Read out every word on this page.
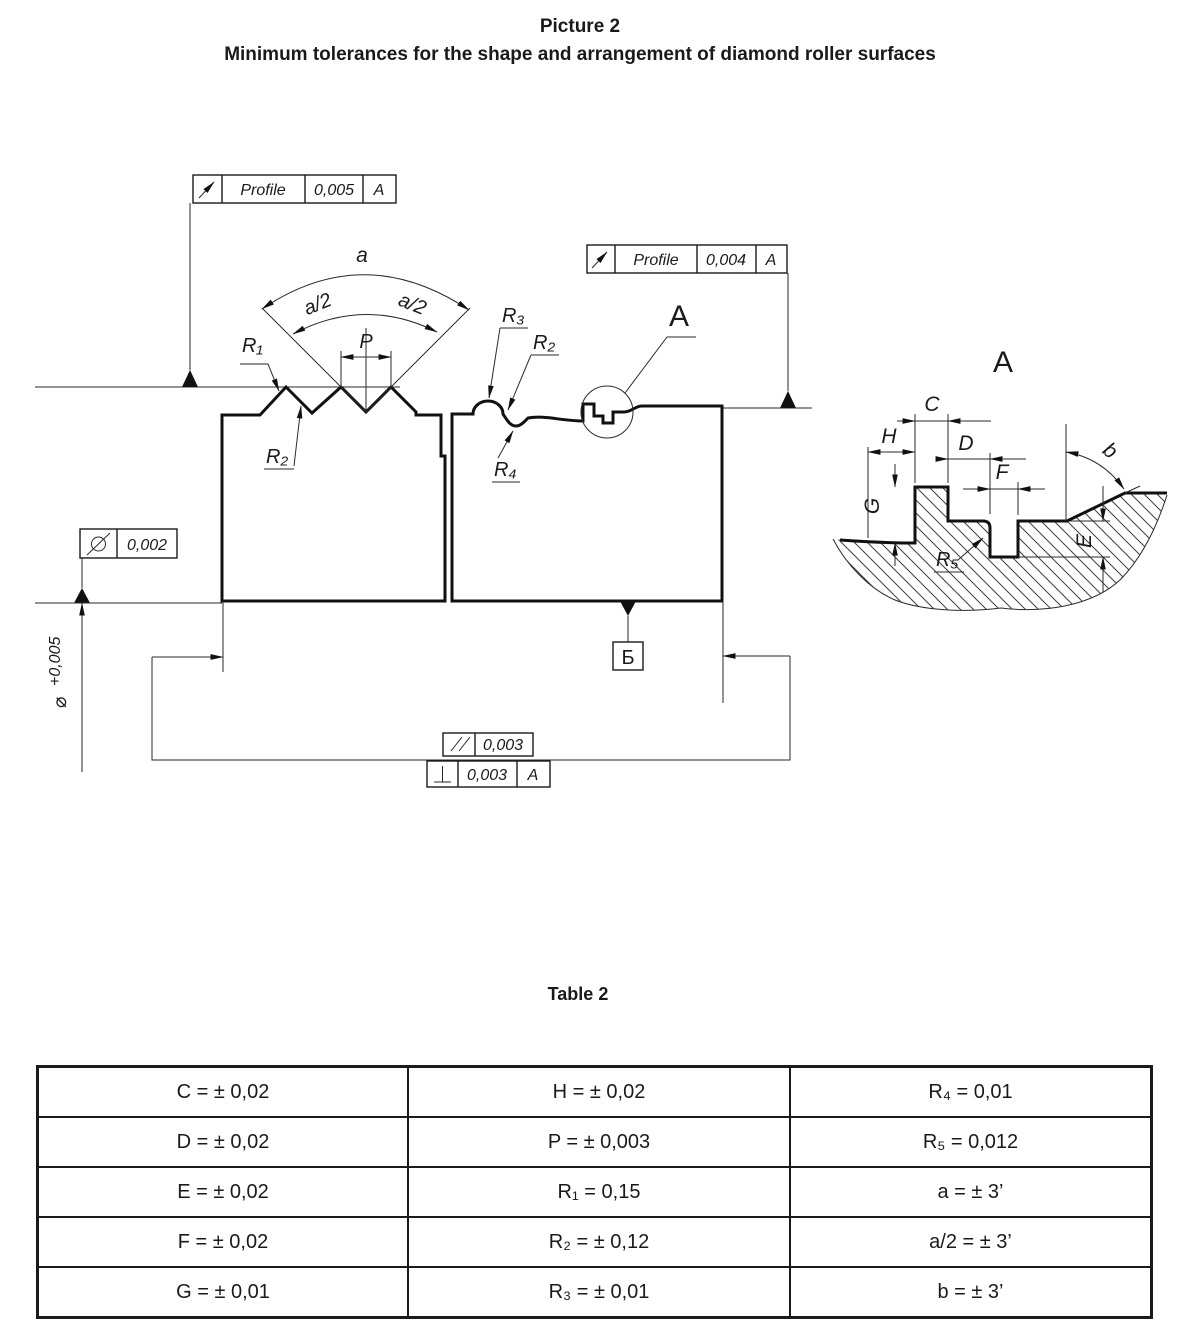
Picture 2

Minimum tolerances for the shape and arrangement of diamond roller surfaces

a
a/2	a/2
P
R₁
R₂
R₃
R₂
R₄
A
Profile 0,005 A
Profile 0,004 A
0,002
⌀
+0,005	Б
0,003
0,003 A
A
C
H
G
D
F
b
E
R₅
Table 2
C = ± 0,02	H = ± 0,02	R₄ = 0,01
D = ± 0,02	P = ± 0,003	R₅ = 0,012
E = ± 0,02	R₁ = 0,15	a = ± 3’
F = ± 0,02	R₂ = ± 0,12	a/2 = ± 3’
G = ± 0,01	R₃ = ± 0,01	b = ± 3’
